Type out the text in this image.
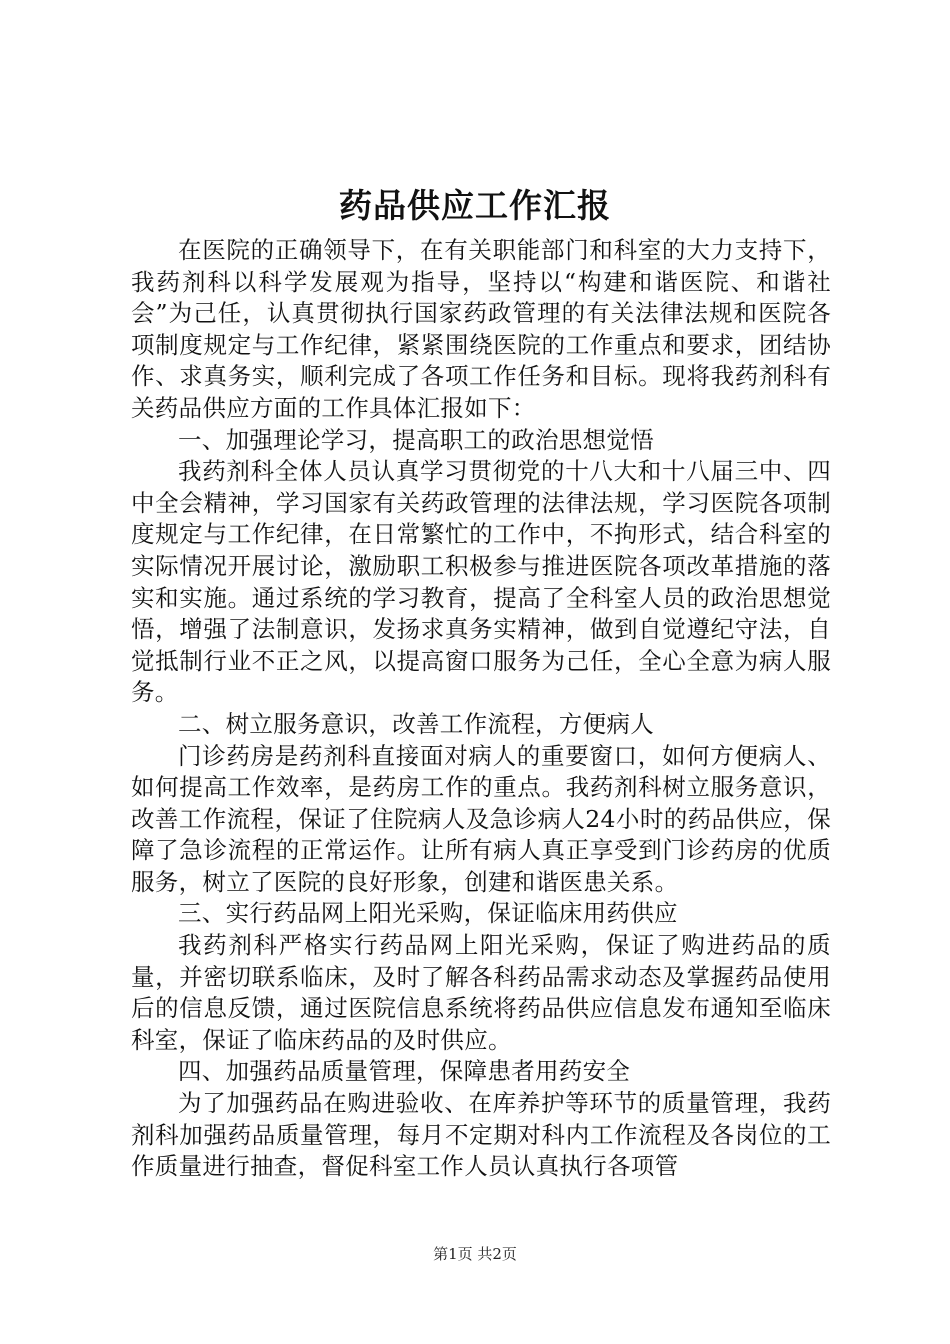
药品供应工作汇报

在医院的正确领导下，在有关职能部门和科室的大力支持下，我药剂科以科学发展观为指导，坚持以“构建和谐医院、和谐社会”为己任，认真贯彻执行国家药政管理的有关法律法规和医院各项制度规定与工作纪律，紧紧围绕医院的工作重点和要求，团结协作、求真务实，顺利完成了各项工作任务和目标。现将我药剂科有关药品供应方面的工作具体汇报如下：

一、加强理论学习，提高职工的政治思想觉悟

我药剂科全体人员认真学习贯彻党的十八大和十八届三中、四中全会精神，学习国家有关药政管理的法律法规，学习医院各项制度规定与工作纪律，在日常繁忙的工作中，不拘形式，结合科室的实际情况开展讨论，激励职工积极参与推进医院各项改革措施的落实和实施。通过系统的学习教育，提高了全科室人员的政治思想觉悟，增强了法制意识，发扬求真务实精神，做到自觉遵纪守法，自觉抵制行业不正之风，以提高窗口服务为己任，全心全意为病人服务。

二、树立服务意识，改善工作流程，方便病人

门诊药房是药剂科直接面对病人的重要窗口，如何方便病人、如何提高工作效率，是药房工作的重点。我药剂科树立服务意识，改善工作流程，保证了住院病人及急诊病人24小时的药品供应，保障了急诊流程的正常运作。让所有病人真正享受到门诊药房的优质服务，树立了医院的良好形象，创建和谐医患关系。

三、实行药品网上阳光采购，保证临床用药供应

我药剂科严格实行药品网上阳光采购，保证了购进药品的质量，并密切联系临床，及时了解各科药品需求动态及掌握药品使用后的信息反馈，通过医院信息系统将药品供应信息发布通知至临床科室，保证了临床药品的及时供应。

四、加强药品质量管理，保障患者用药安全

为了加强药品在购进验收、在库养护等环节的质量管理，我药剂科加强药品质量管理，每月不定期对科内工作流程及各岗位的工作质量进行抽查，督促科室工作人员认真执行各项管

第1页 共2页
